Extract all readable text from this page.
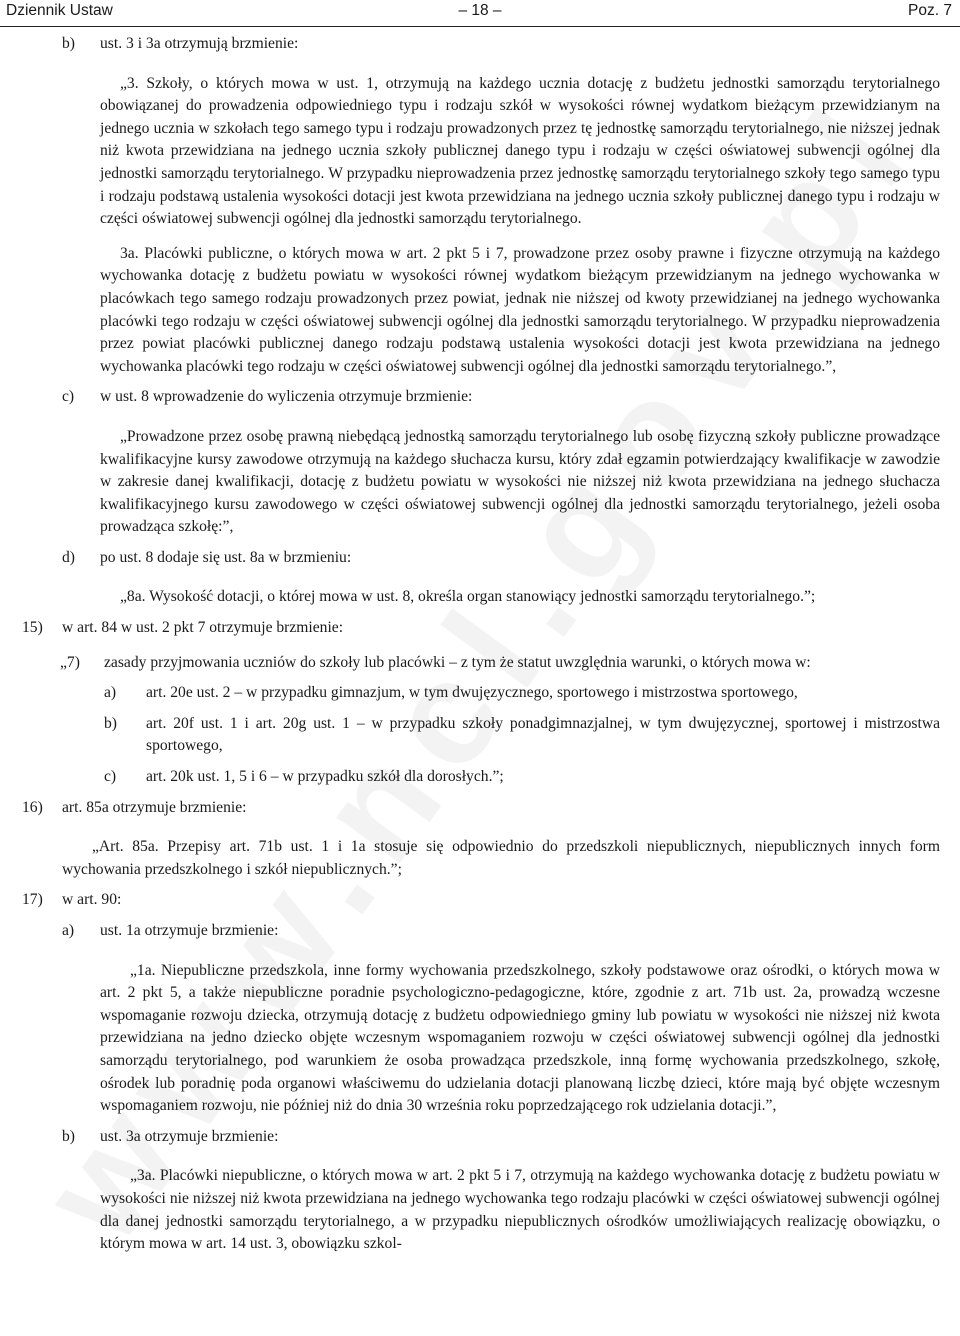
Dziennik Ustaw	– 18 –	Poz. 7
b) ust. 3 i 3a otrzymują brzmienie:

„3. Szkoły, o których mowa w ust. 1, otrzymują na każdego ucznia dotację z budżetu jednostki samorządu terytorialnego obowiązanej do prowadzenia odpowiedniego typu i rodzaju szkół w wysokości równej wydatkom bieżącym przewidzianym na jednego ucznia w szkołach tego samego typu i rodzaju prowadzonych przez tę jednostkę samorządu terytorialnego, nie niższej jednak niż kwota przewidziana na jednego ucznia szkoły publicznej danego typu i rodzaju w części oświatowej subwencji ogólnej dla jednostki samorządu terytorialnego. W przypadku nieprowadzenia przez jednostkę samorządu terytorialnego szkoły tego samego typu i rodzaju podstawą ustalenia wysokości dotacji jest kwota przewidziana na jednego ucznia szkoły publicznej danego typu i rodzaju w części oświatowej subwencji ogólnej dla jednostki samorządu terytorialnego.

3a. Placówki publiczne, o których mowa w art. 2 pkt 5 i 7, prowadzone przez osoby prawne i fizyczne otrzymują na każdego wychowanka dotację z budżetu powiatu w wysokości równej wydatkom bieżącym przewidzianym na jednego wychowanka w placówkach tego samego rodzaju prowadzonych przez powiat, jednak nie niższej od kwoty przewidzianej na jednego wychowanka placówki tego rodzaju w części oświatowej subwencji ogólnej dla jednostki samorządu terytorialnego. W przypadku nieprowadzenia przez powiat placówki publicznej danego rodzaju podstawą ustalenia wysokości dotacji jest kwota przewidziana na jednego wychowanka placówki tego rodzaju w części oświatowej subwencji ogólnej dla jednostki samorządu terytorialnego.”,

c) w ust. 8 wprowadzenie do wyliczenia otrzymuje brzmienie:

„Prowadzone przez osobę prawną niebędącą jednostką samorządu terytorialnego lub osobę fizyczną szkoły publiczne prowadzące kwalifikacyjne kursy zawodowe otrzymują na każdego słuchacza kursu, który zdał egzamin potwierdzający kwalifikacje w zawodzie w zakresie danej kwalifikacji, dotację z budżetu powiatu w wysokości nie niższej niż kwota przewidziana na jednego słuchacza kwalifikacyjnego kursu zawodowego w części oświatowej subwencji ogólnej dla jednostki samorządu terytorialnego, jeżeli osoba prowadząca szkołę:”,

d) po ust. 8 dodaje się ust. 8a w brzmieniu:

„8a. Wysokość dotacji, o której mowa w ust. 8, określa organ stanowiący jednostki samorządu terytorialnego.”;

15) w art. 84 w ust. 2 pkt 7 otrzymuje brzmienie:

„7) zasady przyjmowania uczniów do szkoły lub placówki – z tym że statut uwzględnia warunki, o których mowa w:

a) art. 20e ust. 2 – w przypadku gimnazjum, w tym dwujęzycznego, sportowego i mistrzostwa sportowego,

b) art. 20f ust. 1 i art. 20g ust. 1 – w przypadku szkoły ponadgimnazjalnej, w tym dwujęzycznej, sportowej i mistrzostwa sportowego,

c) art. 20k ust. 1, 5 i 6 – w przypadku szkół dla dorosłych.”;

16) art. 85a otrzymuje brzmienie:

„Art. 85a. Przepisy art. 71b ust. 1 i 1a stosuje się odpowiednio do przedszkoli niepublicznych, niepublicznych innych form wychowania przedszkolnego i szkół niepublicznych.”;

17) w art. 90:

a) ust. 1a otrzymuje brzmienie:

„1a. Niepubliczne przedszkola, inne formy wychowania przedszkolnego, szkoły podstawowe oraz ośrodki, o których mowa w art. 2 pkt 5, a także niepubliczne poradnie psychologiczno-pedagogiczne, które, zgodnie z art. 71b ust. 2a, prowadzą wczesne wspomaganie rozwoju dziecka, otrzymują dotację z budżetu odpowiedniego gminy lub powiatu w wysokości nie niższej niż kwota przewidziana na jedno dziecko objęte wczesnym wspomaganiem rozwoju w części oświatowej subwencji ogólnej dla jednostki samorządu terytorialnego, pod warunkiem że osoba prowadząca przedszkole, inną formę wychowania przedszkolnego, szkołę, ośrodek lub poradnię poda organowi właściwemu do udzielania dotacji planowaną liczbę dzieci, które mają być objęte wczesnym wspomaganiem rozwoju, nie później niż do dnia 30 września roku poprzedzającego rok udzielania dotacji.”,

b) ust. 3a otrzymuje brzmienie:

„3a. Placówki niepubliczne, o których mowa w art. 2 pkt 5 i 7, otrzymują na każdego wychowanka dotację z budżetu powiatu w wysokości nie niższej niż kwota przewidziana na jednego wychowanka tego rodzaju placówki w części oświatowej subwencji ogólnej dla danej jednostki samorządu terytorialnego, a w przypadku niepublicznych ośrodków umożliwiających realizację obowiązku, o którym mowa w art. 14 ust. 3, obowiązku szkol-
